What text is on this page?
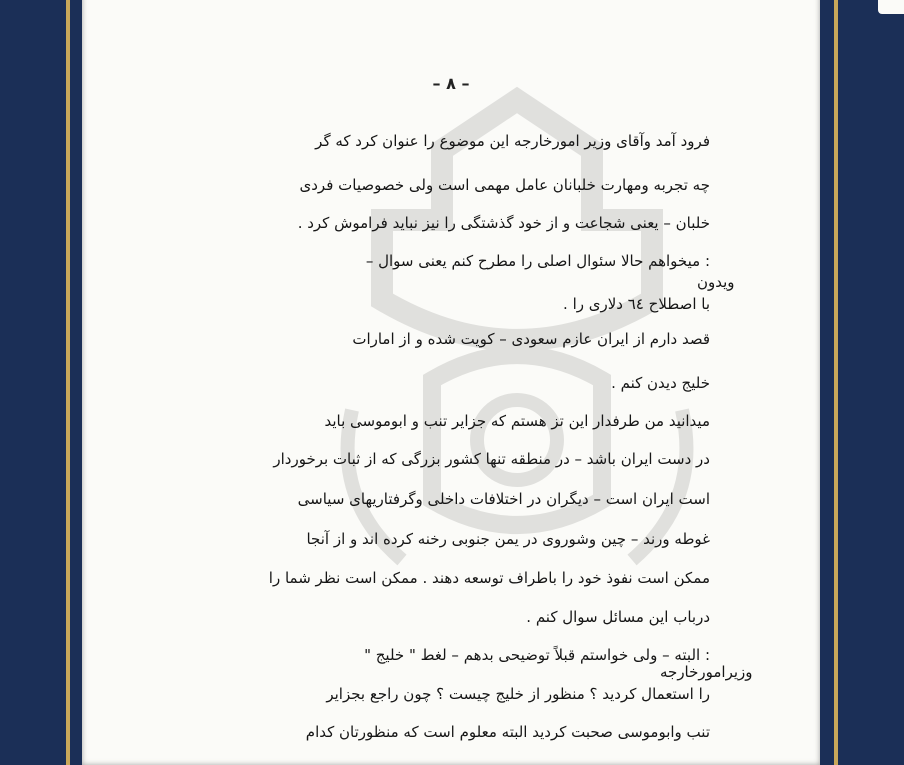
– ۸ –
فرود آمد وآقای وزیر امورخارجه این موضوع را عنوان کرد که گر
چه تجربه ومهارت خلبانان عامل مهمی است ولی خصوصیات فردی
خلبان – یعنی شجاعت و از خود گذشتگی را نیز نباید فراموش کرد .
: میخواهم حالا سئوال اصلی را مطرح کنم یعنی سوال –
با اصطلاح ٦٤ دلاری را .
قصد دارم از ایران عازم سعودی – کویت شده و از امارات
خلیج دیدن کنم .
میدانید من طرفدار این تز هستم که جزایر تنب و ابوموسی باید
در دست ایران باشد – در منطقه تنها کشور بزرگی که از ثبات برخوردار
است ایران است – دیگران در اختلافات داخلی وگرفتاریهای سیاسی
غوطه ورند – چین وشوروی در یمن جنوبی رخنه کرده اند و از آنجا
ممکن است نفوذ خود را باطراف توسعه دهند . ممکن است نظر شما را
درباب این مسائل سوال کنم .
: البته – ولی خواستم قبلاً توضیحی بدهم – لغط " خلیج "
را استعمال کردید ؟ منظور از خلیج چیست ؟ چون راجع بجزایر
تنب وابوموسی صحبت کردید البته معلوم است که منظورتان کدام
ویدون
وزیرامورخارجه
